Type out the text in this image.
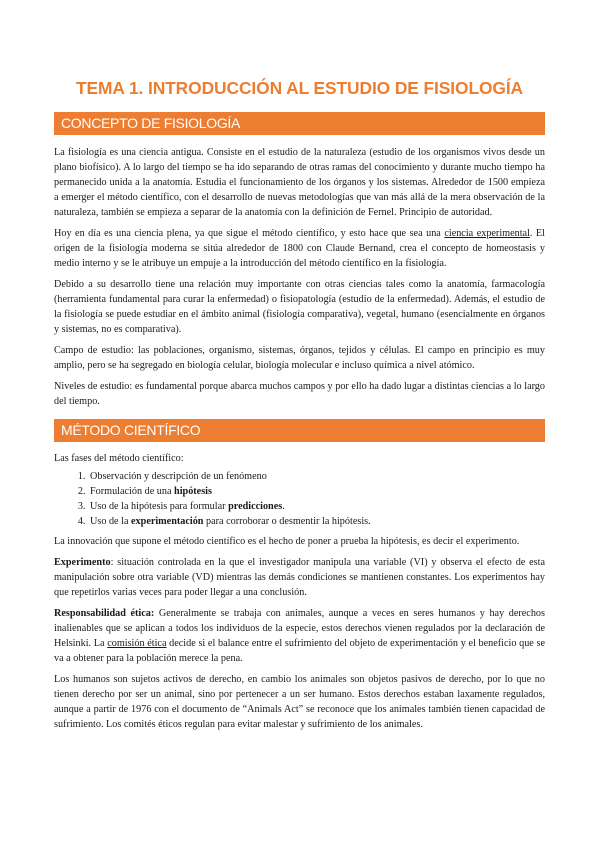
TEMA 1. INTRODUCCIÓN AL ESTUDIO DE FISIOLOGÍA
CONCEPTO DE FISIOLOGÍA

La fisiología es una ciencia antigua. Consiste en el estudio de la naturaleza (estudio de los organismos vivos desde un plano biofísico). A lo largo del tiempo se ha ido separando de otras ramas del conocimiento y durante mucho tiempo ha permanecido unida a la anatomía. Estudia el funcionamiento de los órganos y los sistemas. Alrededor de 1500 empieza a emerger el método científico, con el desarrollo de nuevas metodologías que van más allá de la mera observación de la naturaleza, también se empieza a separar de la anatomía con la definición de Fernel. Principio de autoridad.

Hoy en día es una ciencia plena, ya que sigue el método científico, y esto hace que sea una ciencia experimental. El origen de la fisiología moderna se sitúa alrededor de 1800 con Claude Bernand, crea el concepto de homeostasis y medio interno y se le atribuye un empuje a la introducción del método científico en la fisiología.

Debido a su desarrollo tiene una relación muy importante con otras ciencias tales como la anatomía, farmacología (herramienta fundamental para curar la enfermedad) o fisiopatología (estudio de la enfermedad). Además, el estudio de la fisiología se puede estudiar en el ámbito animal (fisiología comparativa), vegetal, humano (esencialmente en órganos y sistemas, no es comparativa).

Campo de estudio: las poblaciones, organismo, sistemas, órganos, tejidos y células. El campo en principio es muy amplio, pero se ha segregado en biología celular, biología molecular e incluso química a nivel atómico.

Niveles de estudio: es fundamental porque abarca muchos campos y por ello ha dado lugar a distintas ciencias a lo largo del tiempo.

MÉTODO CIENTÍFICO

Las fases del método científico:

1. Observación y descripción de un fenómeno
2. Formulación de una hipótesis
3. Uso de la hipótesis para formular predicciones.
4. Uso de la experimentación para corroborar o desmentir la hipótesis.

La innovación que supone el método científico es el hecho de poner a prueba la hipótesis, es decir el experimento.

Experimento: situación controlada en la que el investigador manipula una variable (VI) y observa el efecto de esta manipulación sobre otra variable (VD) mientras las demás condiciones se mantienen constantes. Los experimentos hay que repetirlos varias veces para poder llegar a una conclusión.

Responsabilidad ética: Generalmente se trabaja con animales, aunque a veces en seres humanos y hay derechos inalienables que se aplican a todos los individuos de la especie, estos derechos vienen regulados por la declaración de Helsinki. La comisión ética decide si el balance entre el sufrimiento del objeto de experimentación y el beneficio que se va a obtener para la población merece la pena.

Los humanos son sujetos activos de derecho, en cambio los animales son objetos pasivos de derecho, por lo que no tienen derecho por ser un animal, sino por pertenecer a un ser humano. Estos derechos estaban laxamente regulados, aunque a partir de 1976 con el documento de “Animals Act” se reconoce que los animales también tienen capacidad de sufrimiento. Los comités éticos regulan para evitar malestar y sufrimiento de los animales.
